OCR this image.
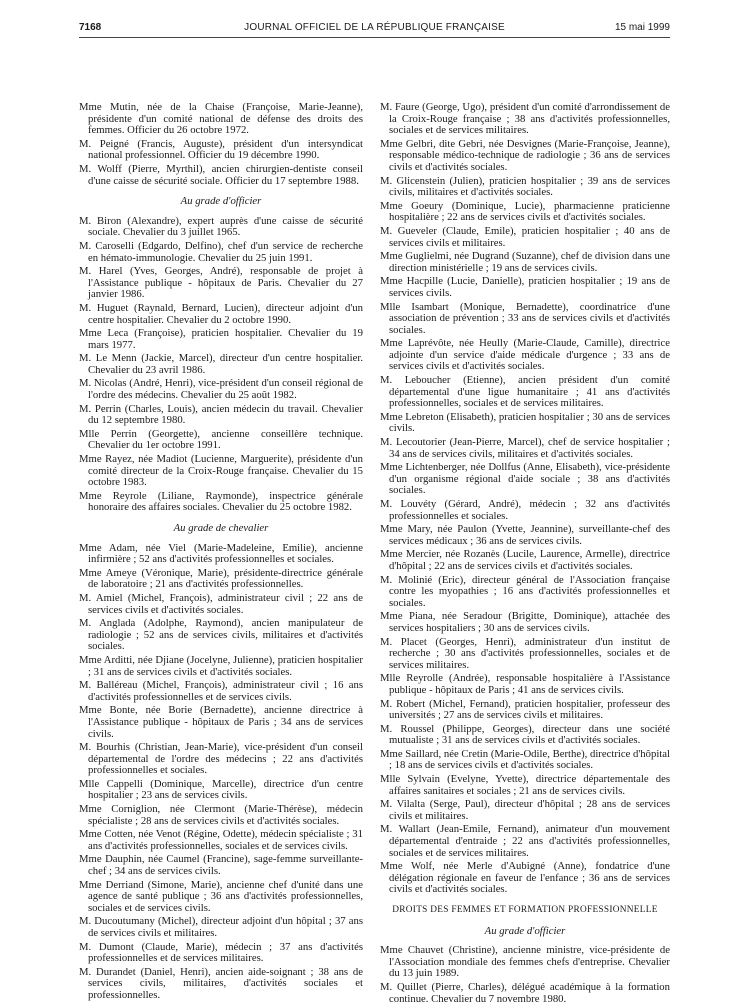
7168	JOURNAL OFFICIEL DE LA RÉPUBLIQUE FRANÇAISE	15 mai 1999

Mme Mutin, née de la Chaise (Françoise, Marie-Jeanne), présidente d'un comité national de défense des droits des femmes. Officier du 26 octobre 1972.

M. Peigné (Francis, Auguste), président d'un intersyndicat national professionnel. Officier du 19 décembre 1990.

M. Wolff (Pierre, Myrthil), ancien chirurgien-dentiste conseil d'une caisse de sécurité sociale. Officier du 17 septembre 1988.

Au grade d'officier

M. Biron (Alexandre), expert auprès d'une caisse de sécurité sociale. Chevalier du 3 juillet 1965.

M. Caroselli (Edgardo, Delfino), chef d'un service de recherche en hémato-immunologie. Chevalier du 25 juin 1991.

M. Harel (Yves, Georges, André), responsable de projet à l'Assistance publique - hôpitaux de Paris. Chevalier du 27 janvier 1986.

M. Huguet (Raynald, Bernard, Lucien), directeur adjoint d'un centre hospitalier. Chevalier du 2 octobre 1990.

Mme Leca (Françoise), praticien hospitalier. Chevalier du 19 mars 1977.

M. Le Menn (Jackie, Marcel), directeur d'un centre hospitalier. Chevalier du 23 avril 1986.

M. Nicolas (André, Henri), vice-président d'un conseil régional de l'ordre des médecins. Chevalier du 25 août 1982.

M. Perrin (Charles, Louis), ancien médecin du travail. Chevalier du 12 septembre 1980.

Mlle Perrin (Georgette), ancienne conseillère technique. Chevalier du 1er octobre 1991.

Mme Rayez, née Madiot (Lucienne, Marguerite), présidente d'un comité directeur de la Croix-Rouge française. Chevalier du 15 octobre 1983.

Mme Reyrole (Liliane, Raymonde), inspectrice générale honoraire des affaires sociales. Chevalier du 25 octobre 1982.

Au grade de chevalier

Mme Adam, née Viel (Marie-Madeleine, Emilie), ancienne infirmière ; 52 ans d'activités professionnelles et sociales.

Mme Ameye (Véronique, Marie), présidente-directrice générale de laboratoire ; 21 ans d'activités professionnelles.

M. Amiel (Michel, François), administrateur civil ; 22 ans de services civils et d'activités sociales.

M. Anglada (Adolphe, Raymond), ancien manipulateur de radiologie ; 52 ans de services civils, militaires et d'activités sociales.

Mme Arditti, née Djiane (Jocelyne, Julienne), praticien hospitalier ; 31 ans de services civils et d'activités sociales.

M. Balléreau (Michel, François), administrateur civil ; 16 ans d'activités professionnelles et de services civils.

Mme Bonte, née Borie (Bernadette), ancienne directrice à l'Assistance publique - hôpitaux de Paris ; 34 ans de services civils.

M. Bourhis (Christian, Jean-Marie), vice-président d'un conseil départemental de l'ordre des médecins ; 22 ans d'activités professionnelles et sociales.

Mlle Cappelli (Dominique, Marcelle), directrice d'un centre hospitalier ; 23 ans de services civils.

Mme Corniglion, née Clermont (Marie-Thérèse), médecin spécialiste ; 28 ans de services civils et d'activités sociales.

Mme Cotten, née Venot (Régine, Odette), médecin spécialiste ; 31 ans d'activités professionnelles, sociales et de services civils.

Mme Dauphin, née Caumel (Francine), sage-femme surveillante-chef ; 34 ans de services civils.

Mme Derriand (Simone, Marie), ancienne chef d'unité dans une agence de santé publique ; 36 ans d'activités professionnelles, sociales et de services civils.

M. Ducoutumany (Michel), directeur adjoint d'un hôpital ; 37 ans de services civils et militaires.

M. Dumont (Claude, Marie), médecin ; 37 ans d'activités professionnelles et de services militaires.

M. Durandet (Daniel, Henri), ancien aide-soignant ; 38 ans de services civils, militaires, d'activités sociales et professionnelles.

M. Faure (George, Ugo), président d'un comité d'arrondissement de la Croix-Rouge française ; 38 ans d'activités professionnelles, sociales et de services militaires.

Mme Gelbri, dite Gebri, née Desvignes (Marie-Françoise, Jeanne), responsable médico-technique de radiologie ; 36 ans de services civils et d'activités sociales.

M. Glicenstein (Julien), praticien hospitalier ; 39 ans de services civils, militaires et d'activités sociales.

Mme Goeury (Dominique, Lucie), pharmacienne praticienne hospitalière ; 22 ans de services civils et d'activités sociales.

M. Gueveler (Claude, Emile), praticien hospitalier ; 40 ans de services civils et militaires.

Mme Guglielmi, née Dugrand (Suzanne), chef de division dans une direction ministérielle ; 19 ans de services civils.

Mme Hacpille (Lucie, Danielle), praticien hospitalier ; 19 ans de services civils.

Mlle Isambart (Monique, Bernadette), coordinatrice d'une association de prévention ; 33 ans de services civils et d'activités sociales.

Mme Laprévôte, née Heully (Marie-Claude, Camille), directrice adjointe d'un service d'aide médicale d'urgence ; 33 ans de services civils et d'activités sociales.

M. Leboucher (Etienne), ancien président d'un comité départemental d'une ligue humanitaire ; 41 ans d'activités professionnelles, sociales et de services militaires.

Mme Lebreton (Elisabeth), praticien hospitalier ; 30 ans de services civils.

M. Lecoutorier (Jean-Pierre, Marcel), chef de service hospitalier ; 34 ans de services civils, militaires et d'activités sociales.

Mme Lichtenberger, née Dollfus (Anne, Elisabeth), vice-présidente d'un organisme régional d'aide sociale ; 38 ans d'activités sociales.

M. Louvéty (Gérard, André), médecin ; 32 ans d'activités professionnelles et sociales.

Mme Mary, née Paulon (Yvette, Jeannine), surveillante-chef des services médicaux ; 36 ans de services civils.

Mme Mercier, née Rozanès (Lucile, Laurence, Armelle), directrice d'hôpital ; 22 ans de services civils et d'activités sociales.

M. Molinié (Eric), directeur général de l'Association française contre les myopathies ; 16 ans d'activités professionnelles et sociales.

Mme Piana, née Seradour (Brigitte, Dominique), attachée des services hospitaliers ; 30 ans de services civils.

M. Placet (Georges, Henri), administrateur d'un institut de recherche ; 30 ans d'activités professionnelles, sociales et de services militaires.

Mlle Reyrolle (Andrée), responsable hospitalière à l'Assistance publique - hôpitaux de Paris ; 41 ans de services civils.

M. Robert (Michel, Fernand), praticien hospitalier, professeur des universités ; 27 ans de services civils et militaires.

M. Roussel (Philippe, Georges), directeur dans une société mutualiste ; 31 ans de services civils et d'activités sociales.

Mme Saillard, née Cretin (Marie-Odile, Berthe), directrice d'hôpital ; 18 ans de services civils et d'activités sociales.

Mlle Sylvain (Evelyne, Yvette), directrice départementale des affaires sanitaires et sociales ; 21 ans de services civils.

M. Vilalta (Serge, Paul), directeur d'hôpital ; 28 ans de services civils et militaires.

M. Wallart (Jean-Emile, Fernand), animateur d'un mouvement départemental d'entraide ; 22 ans d'activités professionnelles, sociales et de services militaires.

Mme Wolf, née Merle d'Aubigné (Anne), fondatrice d'une délégation régionale en faveur de l'enfance ; 36 ans de services civils et d'activités sociales.

DROITS DES FEMMES ET FORMATION PROFESSIONNELLE

Au grade d'officier

Mme Chauvet (Christine), ancienne ministre, vice-présidente de l'Association mondiale des femmes chefs d'entreprise. Chevalier du 13 juin 1989.

M. Quillet (Pierre, Charles), délégué académique à la formation continue. Chevalier du 7 novembre 1980.
